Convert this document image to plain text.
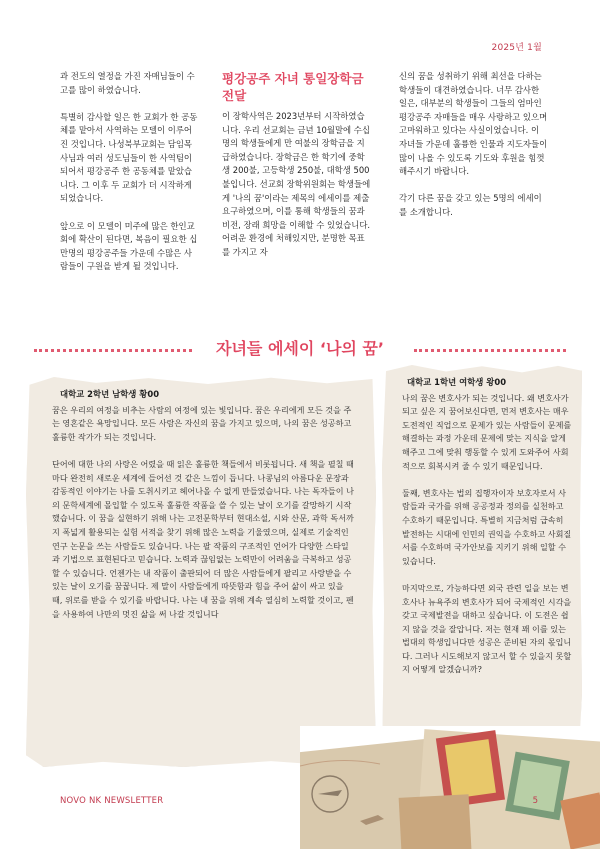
2025년 1월

과 전도의 열정을 가진 자매님들이 수고를 많이 하였습니다.

특별히 감사할 일은 한 교회가 한 공동체를 맡아서 사역하는 모델이 이루어진 것입니다. 나성북부교회는 담임목사님과 여러 성도님들이 한 사역팀이 되어서 평강공주 한 공동체를 맡았습니다. 그 이후 두 교회가 더 시작하게 되었습니다.

앞으로 이 모델이 미주에 많은 한인교회에 확산이 된다면, 복음이 필요한 십만명의 평강공주들 가운데 수많은 사람들이 구원을 받게 될 것입니다.

평강공주 자녀 통일장학금 전달

이 장학사역은 2023년부터 시작하였습니다. 우리 선교회는 금년 10월말에 수십명의 학생들에게 만 여불의 장학금을 지급하였습니다. 장학금은 한 학기에 중학생 200불, 고등학생 250불, 대학생 500불입니다. 선교회 장학위원회는 학생들에게 '나의 꿈'이라는 제목의 에세이를 제출 요구하였으며, 이를 통해 학생들의 꿈과 비전, 장래 희망을 이해할 수 있었습니다. 어려운 환경에 처해있지만, 분명한 목표를 가지고 자

신의 꿈을 성취하기 위해 최선을 다하는 학생들이 대견하였습니다. 너무 감사한 일은, 대부분의 학생들이 그들의 엄마인 평강공주 자매들을 매우 사랑하고 있으며 고마워하고 있다는 사실이었습니다. 이 자녀들 가운데 훌륭한 인물과 지도자들이 많이 나올 수 있도록 기도와 후원을 힘껏 해주시기 바랍니다.

각기 다른 꿈을 갖고 있는 5명의 에세이를 소개합니다.

자녀들 에세이 ‘나의 꿈’
대학교 2학년 남학생 황00

꿈은 우리의 여정을 비추는 사람의 여정에 있는 빛입니다. 꿈은 우리에게 모든 것을 주는 영혼같은 욕망입니다. 모든 사람은 자신의 꿈을 가지고 있으며, 나의 꿈은 성공하고 훌륭한 작가가 되는 것입니다.

단어에 대한 나의 사랑은 어렸을 때 읽은 훌륭한 책들에서 비롯됩니다. 새 책을 펼칠 때마다 완전히 새로운 세계에 들어선 것 같은 느낌이 듭니다. 나콩님의 아름다운 문장과 감동적인 이야기는 나를 도취시키고 헤어나올 수 없게 만들었습니다. 나는 독자들이 나의 문학세계에 몰입할 수 있도록 훌륭한 작품을 쓸 수 있는 날이 오기를 갈망하기 시작했습니다. 이 꿈을 실현하기 위해 나는 고전문학부터 현대소설, 시와 산문, 과학 독서까지 폭넓게 활용되는 실험 서적을 찾기 위해 많은 노력을 기울였으며, 실제로 기술적인 연구 논문을 쓰는 사람들도 있습니다. 나는 팔 작품의 구조적인 언어가 다양한 스타일과 기법으로 표현된다고 믿습니다. 노력과 끊임없는 노력만이 어려움을 극복하고 성공할 수 있습니다. 언젠가는 내 작품이 출판되어 더 많은 사람들에게 팔리고 사랑받을 수 있는 날이 오기를 꿈꿉니다. 제 말이 사람들에게 따뜻함과 힘을 주어 삶이 싸고 있을 때, 위로를 받을 수 있기를 바랍니다. 나는 내 꿈을 위해 계속 열심히 노력할 것이고, 펜을 사용하여 나만의 멋진 삶을 써 나갈 것입니다

대학교 1학년 여학생 왕00

나의 꿈은 변호사가 되는 것입니다. 왜 변호사가 되고 싶은 지 꿈어보신다면, 먼저 변호사는 매우 도전적인 직업으로 문제가 있는 사람들이 문제를 해결하는 과정 가운데 문제에 맞는 지식을 알게 해주고 그에 맞춰 행동할 수 있게 도와주어 사회적으로 회복시켜 줄 수 있기 때문입니다.

둘째, 변호사는 법의 집행자이자 보호자로서 사람들과 국가를 위해 공공정과 정의를 실천하고 수호하기 때문입니다. 특별히 지금처럼 급속히 발전하는 시대에 인민의 권익을 수호하고 사회질서를 수호하며 국가안보를 지키기 위해 일할 수 있습니다.

마지막으로, 가능하다면 외국 관련 일을 보는 변호사나 뉴욕주의 변호사가 되어 국제적인 시각을 갖고 국제발전을 대하고 싶습니다. 이 도전은 쉽지 않을 것을 잘압니다. 저는 현재 꽤 이를 있는 법대의 학생입니다만 성공은 준비된 자의 몫입니다. 그러나 시도해보지 않고서 할 수 있을지 못할지 어떻게 알겠습니까?

NOVO NK NEWSLETTER	5
